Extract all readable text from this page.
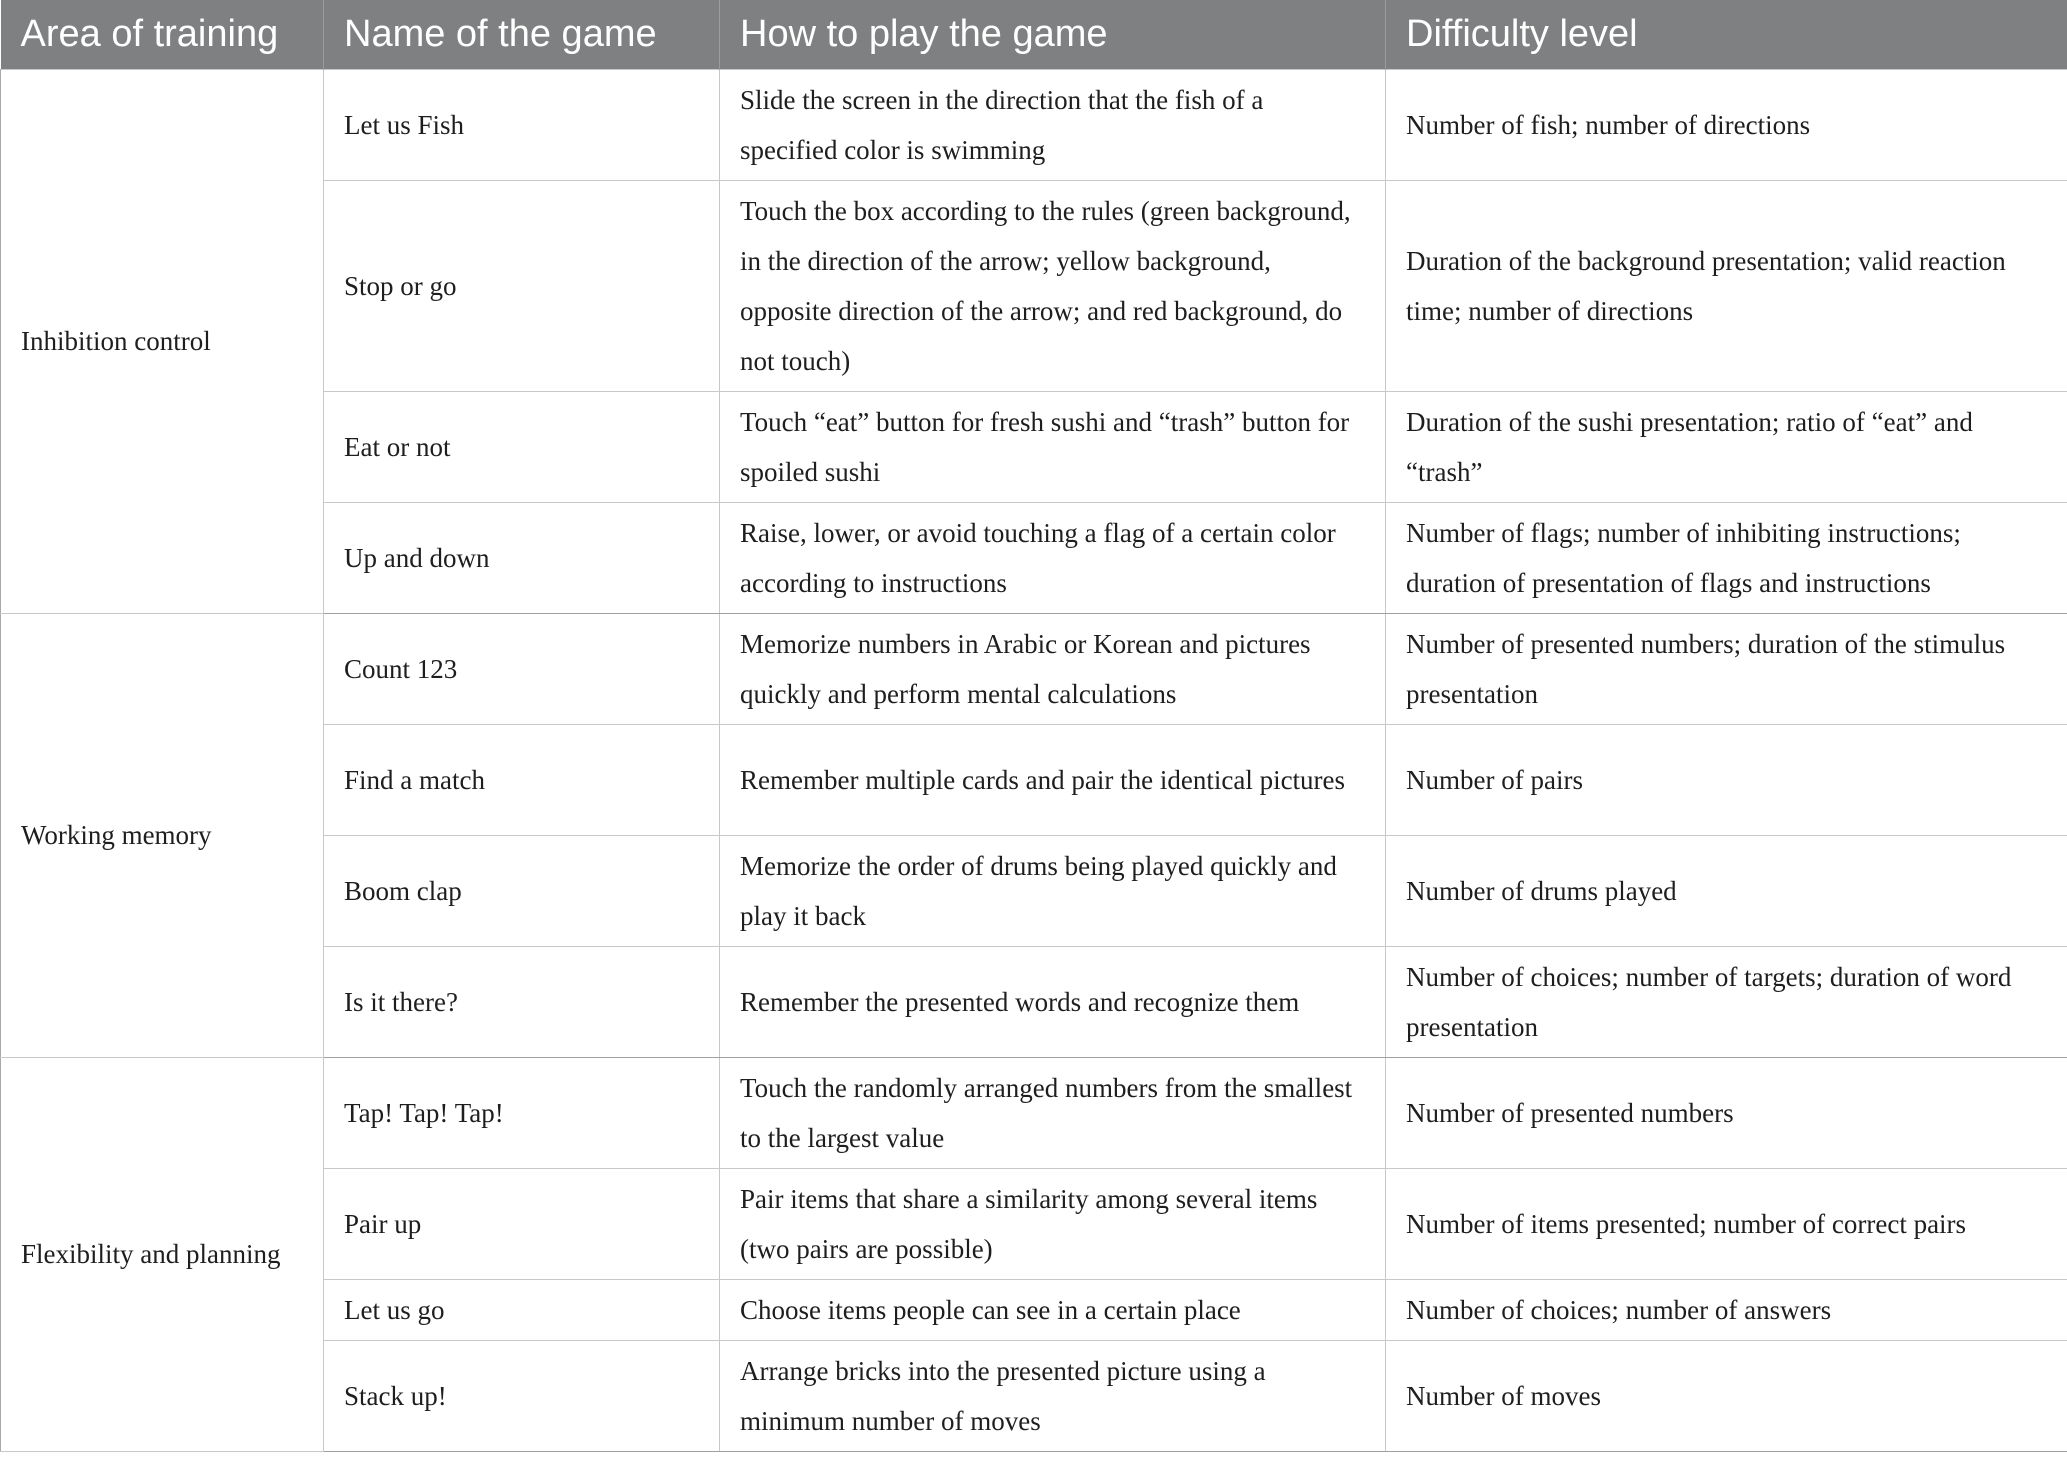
Area of training	Name of the game	How to play the game	Difficulty level
Inhibition control	Let us Fish	Slide the screen in the direction that the fish of a specified color is swimming	Number of fish; number of directions
	Stop or go	Touch the box according to the rules (green background, in the direction of the arrow; yellow background, opposite direction of the arrow; and red background, do not touch)	Duration of the background presentation; valid reaction time; number of directions
	Eat or not	Touch “eat” button for fresh sushi and “trash” button for spoiled sushi	Duration of the sushi presentation; ratio of “eat” and “trash”
	Up and down	Raise, lower, or avoid touching a flag of a certain color according to instructions	Number of flags; number of inhibiting instructions; duration of presentation of flags and instructions
Working memory	Count 123	Memorize numbers in Arabic or Korean and pictures quickly and perform mental calculations	Number of presented numbers; duration of the stimulus presentation
	Find a match	Remember multiple cards and pair the identical pictures	Number of pairs
	Boom clap	Memorize the order of drums being played quickly and play it back	Number of drums played
	Is it there?	Remember the presented words and recognize them	Number of choices; number of targets; duration of word presentation
Flexibility and planning	Tap! Tap! Tap!	Touch the randomly arranged numbers from the smallest to the largest value	Number of presented numbers
	Pair up	Pair items that share a similarity among several items (two pairs are possible)	Number of items presented; number of correct pairs
	Let us go	Choose items people can see in a certain place	Number of choices; number of answers
	Stack up!	Arrange bricks into the presented picture using a minimum number of moves	Number of moves
